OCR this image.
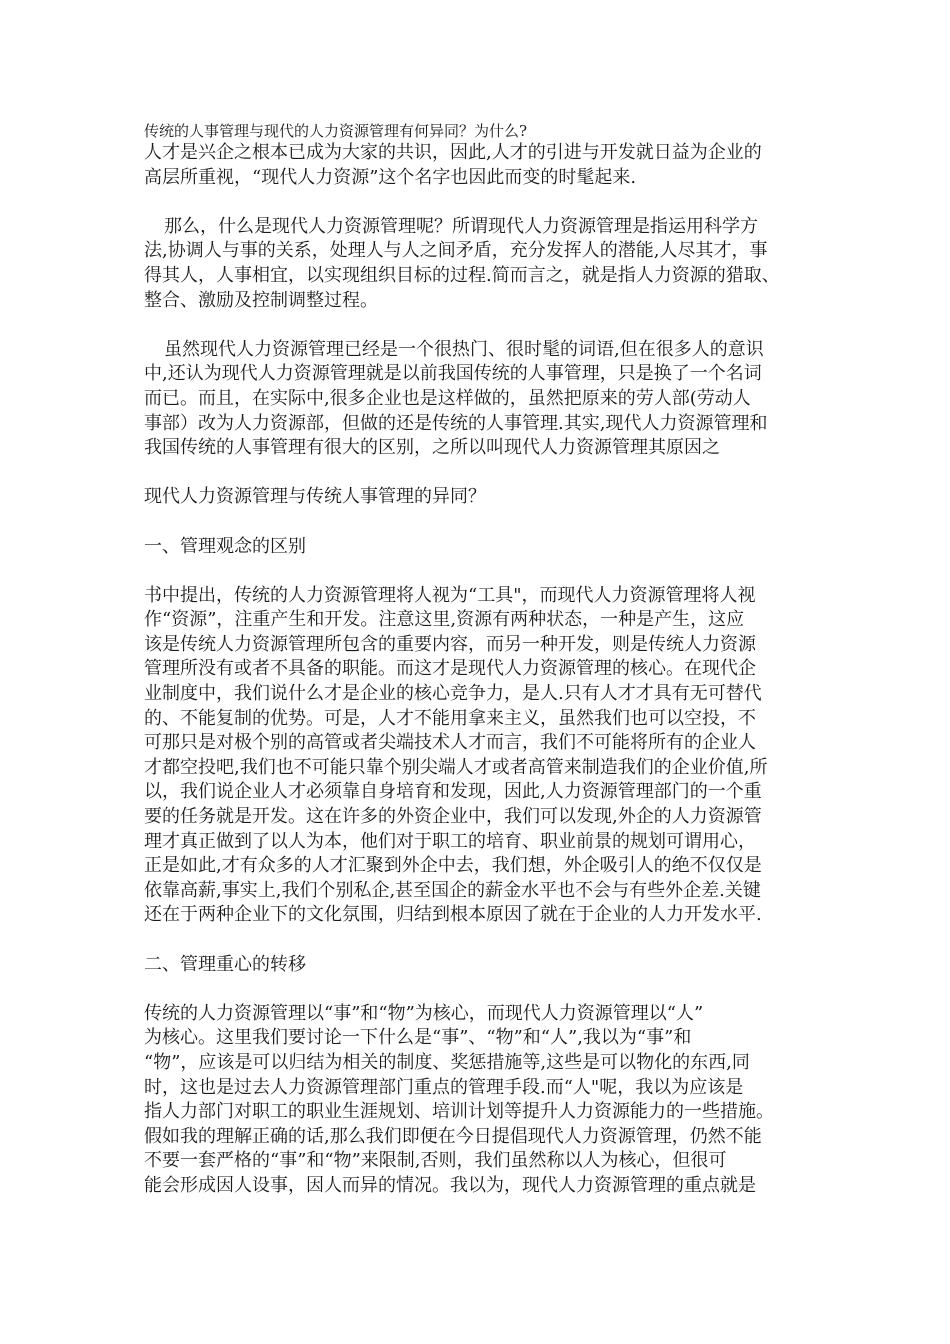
传统的人事管理与现代的人力资源管理有何异同？为什么?

人才是兴企之根本已成为大家的共识，因此,人才的引进与开发就日益为企业的
高层所重视，“现代人力资源”这个名字也因此而变的时髦起来.
那么，什么是现代人力资源管理呢？所谓现代人力资源管理是指运用科学方
法,协调人与事的关系，处理人与人之间矛盾，充分发挥人的潜能,人尽其才，事
得其人，人事相宜，以实现组织目标的过程.简而言之，就是指人力资源的猎取、
整合、激励及控制调整过程。
虽然现代人力资源管理已经是一个很热门、很时髦的词语,但在很多人的意识
中,还认为现代人力资源管理就是以前我国传统的人事管理，只是换了一个名词
而已。而且，在实际中,很多企业也是这样做的，虽然把原来的劳人部(劳动人
事部）改为人力资源部，但做的还是传统的人事管理.其实,现代人力资源管理和
我国传统的人事管理有很大的区别，之所以叫现代人力资源管理其原因之
现代人力资源管理与传统人事管理的异同？
一、管理观念的区别
书中提出，传统的人力资源管理将人视为“工具"，而现代人力资源管理将人视
作“资源”，注重产生和开发。注意这里,资源有两种状态，一种是产生，这应
该是传统人力资源管理所包含的重要内容，而另一种开发，则是传统人力资源
管理所没有或者不具备的职能。而这才是现代人力资源管理的核心。在现代企
业制度中，我们说什么才是企业的核心竞争力，是人.只有人才才具有无可替代
的、不能复制的优势。可是，人才不能用拿来主义，虽然我们也可以空投，不
可那只是对极个别的高管或者尖端技术人才而言，我们不可能将所有的企业人
才都空投吧,我们也不可能只靠个别尖端人才或者高管来制造我们的企业价值,所
以，我们说企业人才必须靠自身培育和发现，因此,人力资源管理部门的一个重
要的任务就是开发。这在许多的外资企业中，我们可以发现,外企的人力资源管
理才真正做到了以人为本，他们对于职工的培育、职业前景的规划可谓用心，
正是如此,才有众多的人才汇聚到外企中去，我们想，外企吸引人的绝不仅仅是
依靠高薪,事实上,我们个别私企,甚至国企的薪金水平也不会与有些外企差.关键
还在于两种企业下的文化氛围，归结到根本原因了就在于企业的人力开发水平.
二、管理重心的转移
传统的人力资源管理以“事”和“物”为核心，而现代人力资源管理以“人”
为核心。这里我们要讨论一下什么是“事”、“物”和“人”,我以为“事”和
“物”，应该是可以归结为相关的制度、奖惩措施等,这些是可以物化的东西,同
时，这也是过去人力资源管理部门重点的管理手段.而“人"呢，我以为应该是
指人力部门对职工的职业生涯规划、培训计划等提升人力资源能力的一些措施。
假如我的理解正确的话,那么我们即便在今日提倡现代人力资源管理，仍然不能
不要一套严格的“事”和“物”来限制,否则，我们虽然称以人为核心，但很可
能会形成因人设事，因人而异的情况。我以为，现代人力资源管理的重点就是
